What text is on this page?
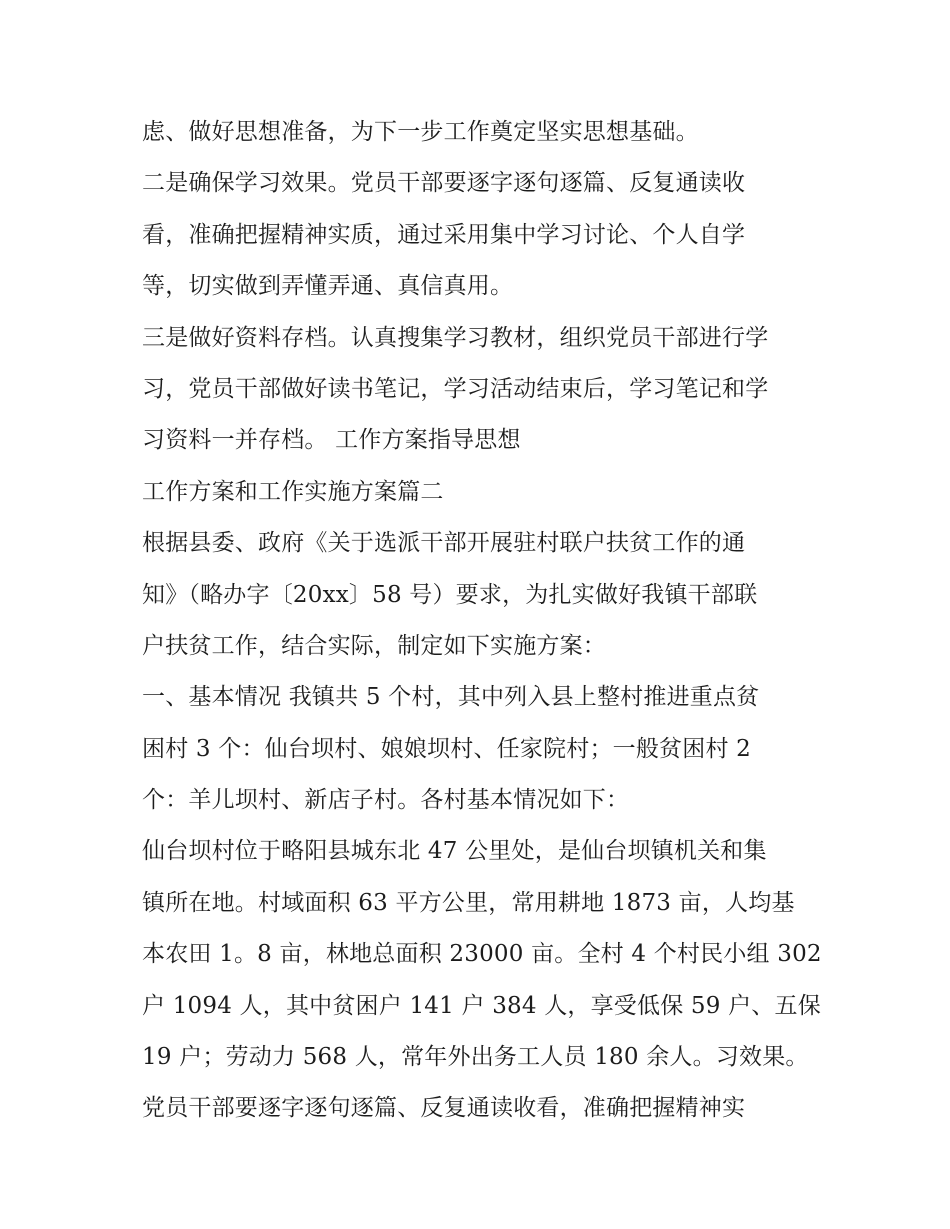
虑、做好思想准备，为下一步工作奠定坚实思想基础。
二是确保学习效果。党员干部要逐字逐句逐篇、反复通读收
看，准确把握精神实质，通过采用集中学习讨论、个人自学
等，切实做到弄懂弄通、真信真用。
三是做好资料存档。认真搜集学习教材，组织党员干部进行学
习，党员干部做好读书笔记，学习活动结束后，学习笔记和学
习资料一并存档。 工作方案指导思想
工作方案和工作实施方案篇二
根据县委、政府《关于选派干部开展驻村联户扶贫工作的通
知》（略办字〔20xx〕58 号）要求，为扎实做好我镇干部联
户扶贫工作，结合实际，制定如下实施方案：
一、基本情况 我镇共 5 个村，其中列入县上整村推进重点贫
困村 3 个：仙台坝村、娘娘坝村、任家院村；一般贫困村 2
个：羊儿坝村、新店子村。各村基本情况如下：
仙台坝村位于略阳县城东北 47 公里处，是仙台坝镇机关和集
镇所在地。村域面积 63 平方公里，常用耕地 1873 亩，人均基
本农田 1。8 亩，林地总面积 23000 亩。全村 4 个村民小组 302
户 1094 人，其中贫困户 141 户 384 人，享受低保 59 户、五保
19 户；劳动力 568 人，常年外出务工人员 180 余人。习效果。
党员干部要逐字逐句逐篇、反复通读收看，准确把握精神实
